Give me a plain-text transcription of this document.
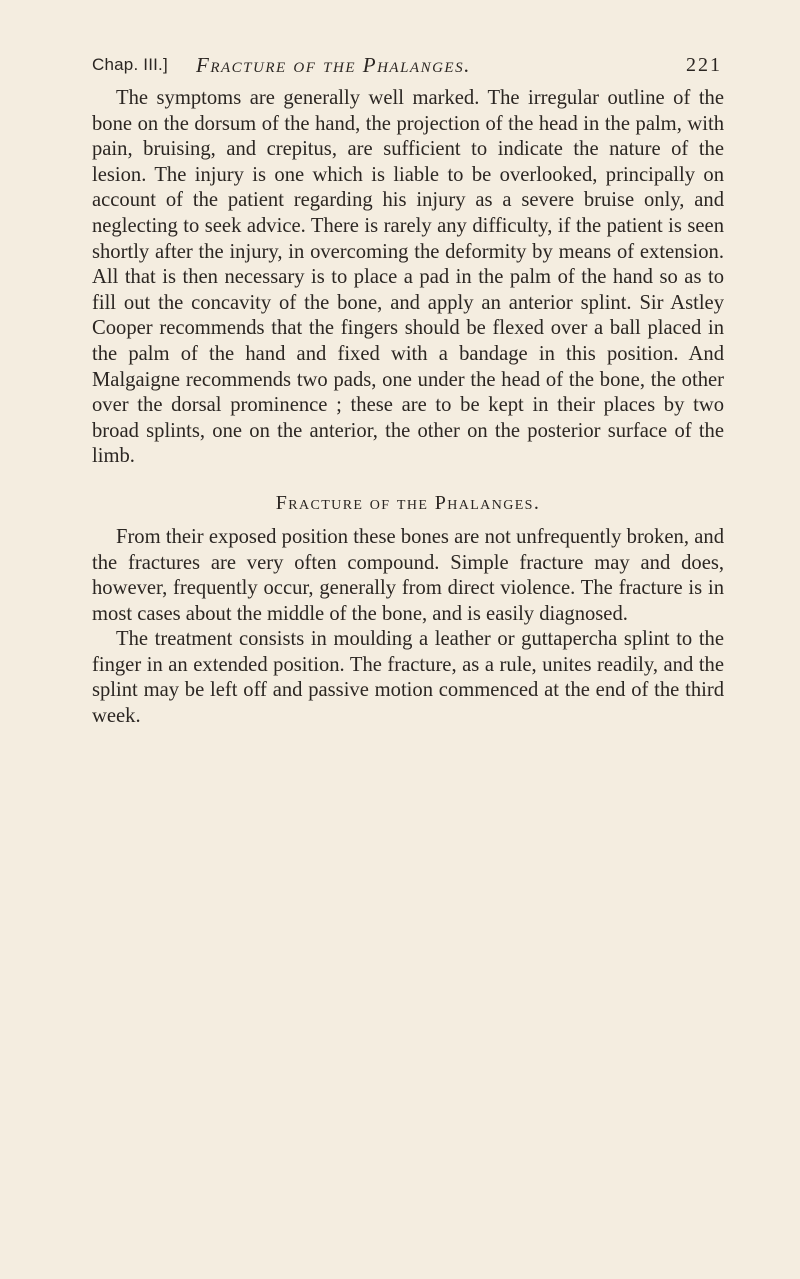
Chap. III.] Fracture of the Phalanges.	221

The symptoms are generally well marked. The irregular outline of the bone on the dorsum of the hand, the projection of the head in the palm, with pain, bruising, and crepitus, are sufficient to indicate the nature of the lesion. The injury is one which is liable to be overlooked, principally on account of the patient regarding his injury as a severe bruise only, and neglecting to seek advice. There is rarely any difficulty, if the patient is seen shortly after the injury, in overcoming the deformity by means of extension. All that is then necessary is to place a pad in the palm of the hand so as to fill out the concavity of the bone, and apply an anterior splint. Sir Astley Cooper recommends that the fingers should be flexed over a ball placed in the palm of the hand and fixed with a bandage in this position. And Malgaigne recommends two pads, one under the head of the bone, the other over the dorsal prominence ; these are to be kept in their places by two broad splints, one on the anterior, the other on the posterior surface of the limb.

Fracture of the Phalanges.

From their exposed position these bones are not unfrequently broken, and the fractures are very often compound. Simple fracture may and does, however, frequently occur, generally from direct violence. The fracture is in most cases about the middle of the bone, and is easily diagnosed.

The treatment consists in moulding a leather or guttapercha splint to the finger in an extended position. The fracture, as a rule, unites readily, and the splint may be left off and passive motion commenced at the end of the third week.
